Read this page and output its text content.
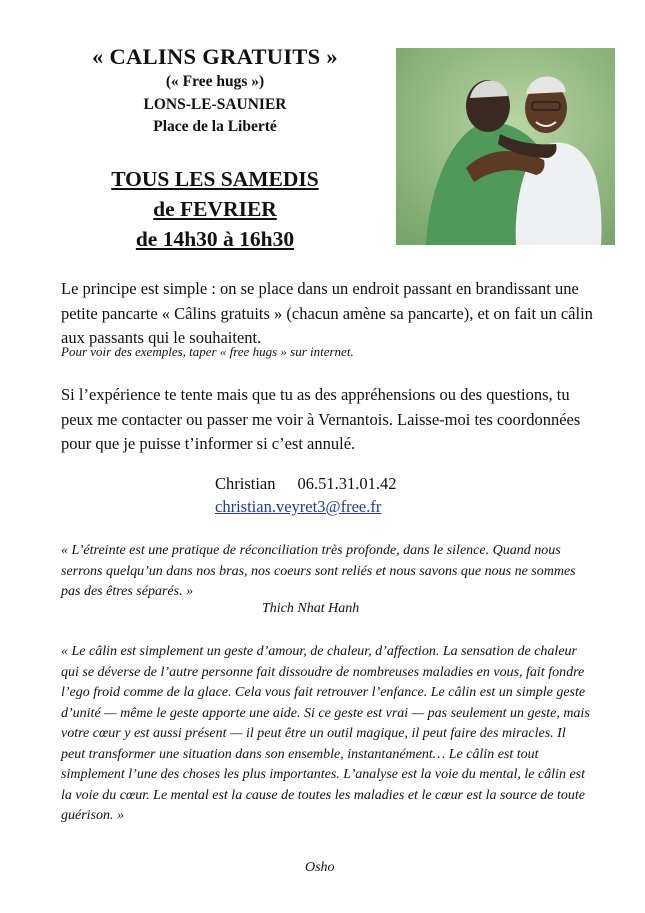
« CALINS GRATUITS »
(« Free hugs »)
LONS-LE-SAUNIER
Place de la Liberté
TOUS LES SAMEDIS
de FEVRIER
de 14h30 à 16h30
Le principe est simple : on se place dans un endroit passant en brandissant une petite pancarte « Câlins gratuits » (chacun amène sa pancarte), et on fait un câlin aux passants qui le souhaitent.
Pour voir des exemples, taper « free hugs » sur internet.
Si l’expérience te tente mais que tu as des appréhensions ou des questions, tu peux me contacter ou passer me voir à Vernantois. Laisse-moi tes coordonnées pour que je puisse t’informer si c’est annulé.
Christian 06.51.31.01.42
christian.veyret3@free.fr
« L’étreinte est une pratique de réconciliation très profonde, dans le silence. Quand nous serrons quelqu’un dans nos bras, nos coeurs sont reliés et nous savons que nous ne sommes pas des êtres séparés. »
Thich Nhat Hanh
« Le câlin est simplement un geste d’amour, de chaleur, d’affection. La sensation de chaleur qui se déverse de l’autre personne fait dissoudre de nombreuses maladies en vous, fait fondre l’ego froid comme de la glace. Cela vous fait retrouver l’enfance. Le câlin est un simple geste d’unité — même le geste apporte une aide. Si ce geste est vrai — pas seulement un geste, mais votre cœur y est aussi présent — il peut être un outil magique, il peut faire des miracles. Il peut transformer une situation dans son ensemble, instantanément… Le câlin est tout simplement l’une des choses les plus importantes. L’analyse est la voie du mental, le câlin est la voie du cœur. Le mental est la cause de toutes les maladies et le cœur est la source de toute guérison. »
Osho
